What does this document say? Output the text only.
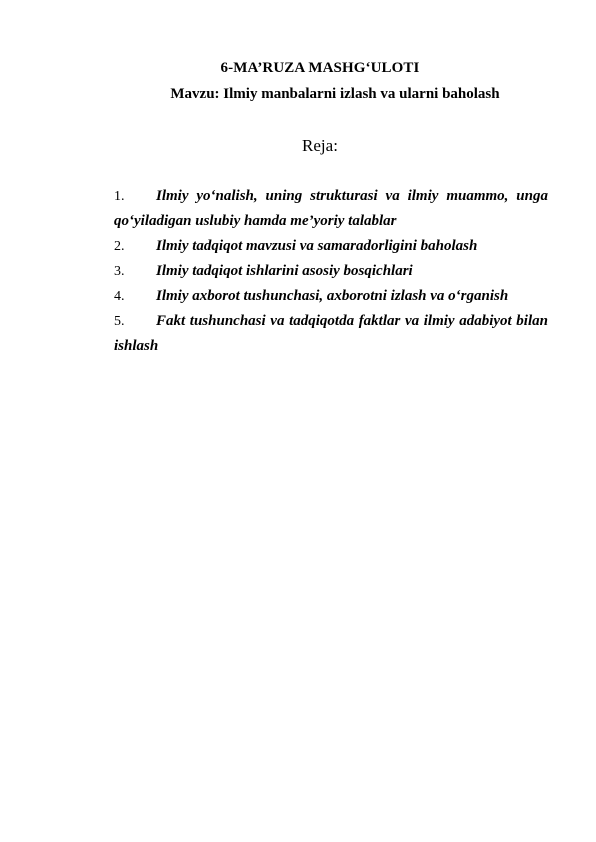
6-MA’RUZA MASHG‘ULOTI
Mavzu: Ilmiy manbalarni izlash va ularni baholash
Reja:
1. Ilmiy yo‘nalish, uning strukturasi va ilmiy muammo, unga qo‘yiladigan uslubiy hamda me’yoriy talablar
2. Ilmiy tadqiqot mavzusi va samaradorligini baholash
3. Ilmiy tadqiqot ishlarini asosiy bosqichlari
4. Ilmiy axborot tushunchasi, axborotni izlash va o‘rganish
5. Fakt tushunchasi va tadqiqotda faktlar va ilmiy adabiyot bilan ishlash
